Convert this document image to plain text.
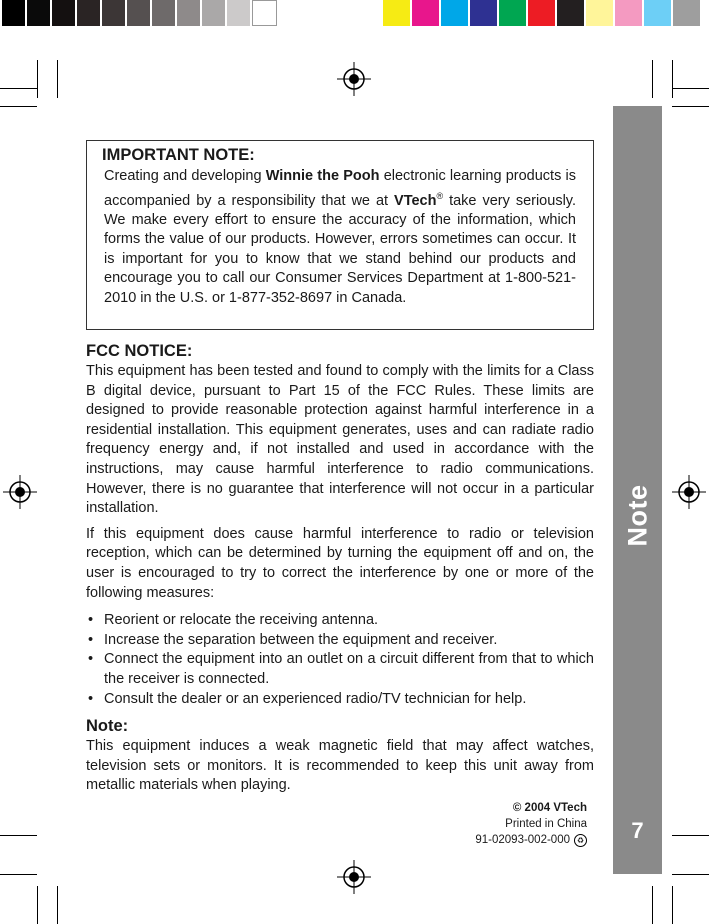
Note
7
IMPORTANT NOTE:

Creating and developing Winnie the Pooh electronic learning products is accompanied by a responsibility that we at VTech® take very seriously. We make every effort to ensure the accuracy of the information, which forms the value of our products. However, errors sometimes can occur. It is important for you to know that we stand behind our products and encourage you to call our Consumer Services Department at 1-800-521-2010 in the U.S. or 1-877-352-8697 in Canada.

FCC NOTICE:

This equipment has been tested and found to comply with the limits for a Class B digital device, pursuant to Part 15 of the FCC Rules. These limits are designed to provide reasonable protection against harmful interference in a residential installation. This equipment generates, uses and can radiate radio frequency energy and, if not installed and used in accordance with the instructions, may cause harmful interference to radio communications. However, there is no guarantee that interference will not occur in a particular installation.

If this equipment does cause harmful interference to radio or television reception, which can be determined by turning the equipment off and on, the user is encouraged to try to correct the interference by one or more of the following measures:

• Reorient or relocate the receiving antenna.
• Increase the separation between the equipment and receiver.
• Connect the equipment into an outlet on a circuit different from that to which the receiver is connected.
• Consult the dealer or an experienced radio/TV technician for help.
Note:

This equipment induces a weak magnetic field that may affect watches, television sets or monitors. It is recommended to keep this unit away from metallic materials when playing.

© 2004 VTech
Printed in China
91-02093-002-000 ♻
